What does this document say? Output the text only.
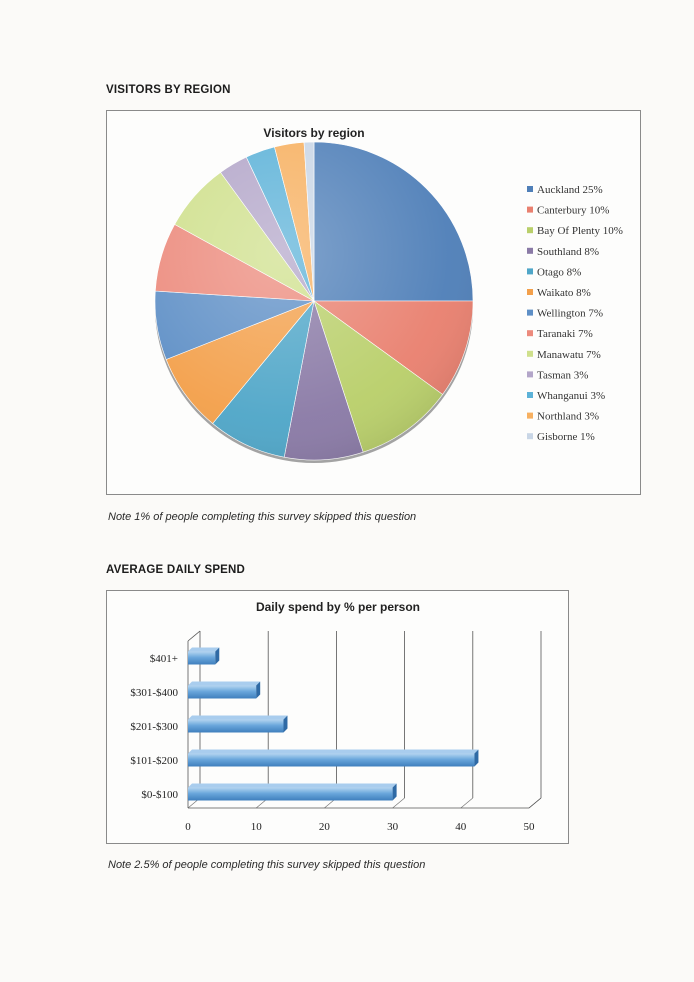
VISITORS BY REGION
Visitors by region
Auckland 25%
Canterbury 10%
Bay Of Plenty 10%
Southland 8%
Otago 8%
Waikato 8%
Wellington 7%
Taranaki 7%
Manawatu 7%
Tasman 3%
Whanganui 3%
Northland 3%
Gisborne 1%
Note 1% of people completing this survey skipped this question
AVERAGE DAILY SPEND
Daily spend by % per person
0	10	20	30	40	50
$401+
$301-$400
$201-$300
$101-$200
$0-$100
Note 2.5% of people completing this survey skipped this question
